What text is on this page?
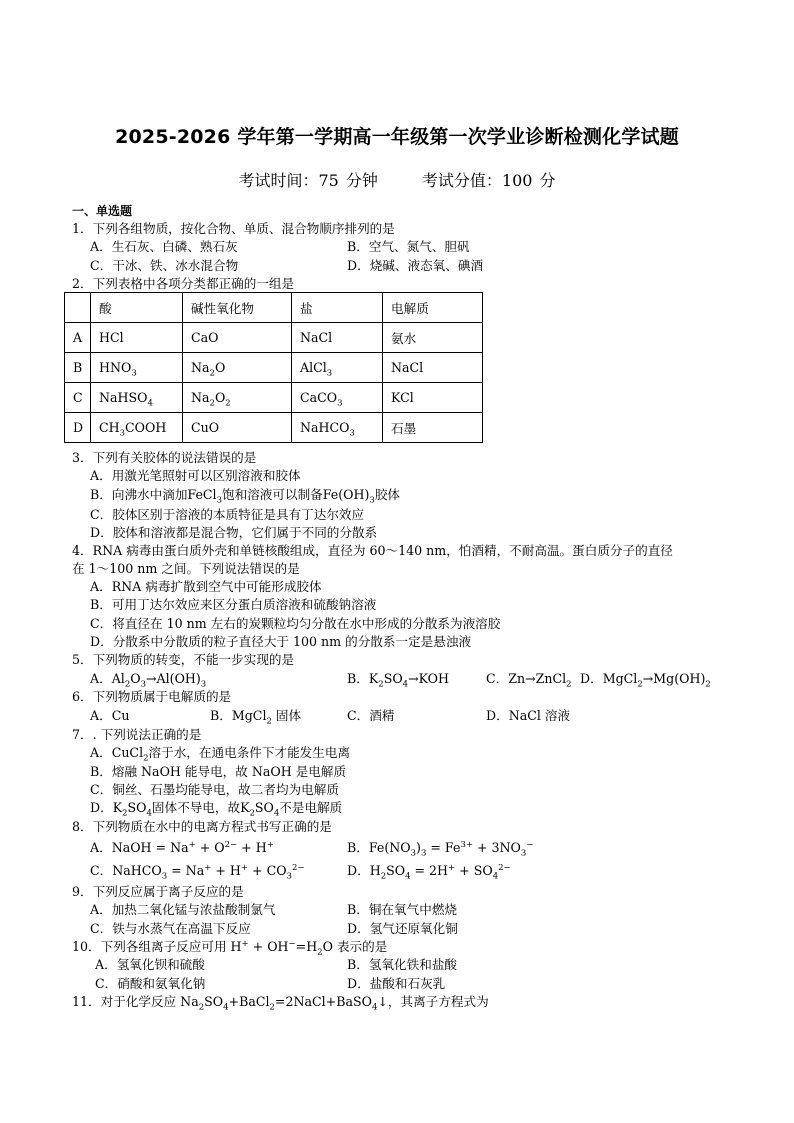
2025-2026 学年第一学期高一年级第一次学业诊断检测化学试题
考试时间：75 分钟	考试分值：100 分
一、单选题
1．下列各组物质，按化合物、单质、混合物顺序排列的是
A．生石灰、白磷、熟石灰	B．空气、氮气、胆矾
C．干冰、铁、冰水混合物	D．烧碱、液态氧、碘酒
2．下列表格中各项分类都正确的一组是
	酸	碱性氧化物	盐	电解质
A	HCl	CaO	NaCl	氨水
B	$HNO_3$	$Na_2O$	AlCl$_3$	NaCl
C	NaHSO$_4$	$Na_2O_2$	CaCO$_3$	KCl
D	$CH_3COOH$	CuO	NaHCO$_3$	石墨
3．下列有关胶体的说法错误的是
A．用激光笔照射可以区别溶液和胶体
B．向沸水中滴加FeCl$_3$饱和溶液可以制备$Fe(OH)_3$胶体
C．胶体区别于溶液的本质特征是具有丁达尔效应
D．胶体和溶液都是混合物，它们属于不同的分散系
4．RNA 病毒由蛋白质外壳和单链核酸组成，直径为 60～140 nm，怕酒精，不耐高温。蛋白质分子的直径
在 1～100 nm 之间。下列说法错误的是
A．RNA 病毒扩散到空气中可能形成胶体
B．可用丁达尔效应来区分蛋白质溶液和硫酸钠溶液
C．将直径在 10 nm 左右的炭颗粒均匀分散在水中形成的分散系为液溶胶
D．分散系中分散质的粒子直径大于 100 nm 的分散系一定是悬浊液
5．下列物质的转变，不能一步实现的是
A．$Al_2O_3\to Al(OH)_3$	B．$K_2SO_4\to KOH$	C．Zn→ZnCl$_2$ D．$MgCl_2\to Mg(OH)_2$
6．下列物质属于电解质的是
A．Cu	B．MgCl$_2$ 固体	C．酒精	D．NaCl 溶液
7．. 下列说法正确的是
A．CuCl$_2$溶于水，在通电条件下才能发生电离
B．熔融 NaOH 能导电，故 NaOH 是电解质
C．铜丝、石墨均能导电，故二者均为电解质
D．$K_2SO_4$固体不导电，故$K_2SO_4$不是电解质
8．下列物质在水中的电离方程式书写正确的是
A．NaOH = $Na^+ + O^{2-} + H^+$	B．$Fe(NO_3)_3 = Fe^{3+} + 3NO_3^-$
C．NaHCO$_3$ = $Na^+ + H^+ + CO_3^{2-}$	D．$H_2SO_4 = 2H^+ + SO_4^{2-}$
9．下列反应属于离子反应的是
A．加热二氧化锰与浓盐酸制氯气	B．铜在氧气中燃烧
C．铁与水蒸气在高温下反应	D．氢气还原氧化铜
10．下列各组离子反应可用 $H^+ + OH^-=H_2O$ 表示的是
A．氢氧化钡和硫酸	B．氢氧化铁和盐酸
C．硝酸和氨氧化钠	D．盐酸和石灰乳
11．对于化学反应 $Na_2SO_4+BaCl_2=2NaCl+BaSO_4↓$，其离子方程式为
